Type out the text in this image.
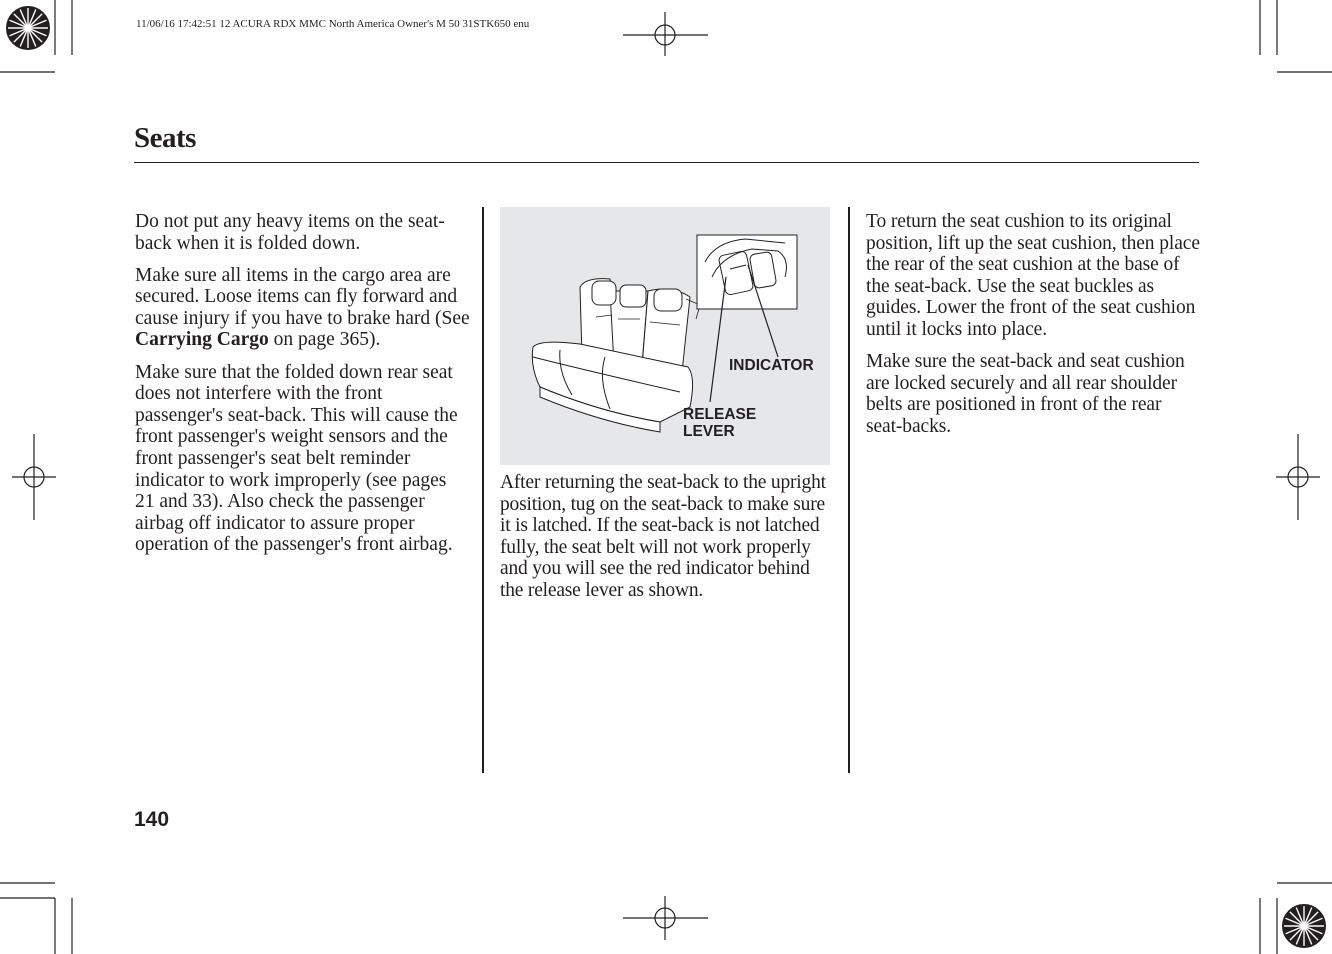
11/06/16 17:42:51 12 ACURA RDX MMC North America Owner's M 50 31STK650 enu
Seats

Do not put any heavy items on the seat-back when it is folded down.

Make sure all items in the cargo area are secured. Loose items can fly forward and cause injury if you have to brake hard (See Carrying Cargo on page 365).

Make sure that the folded down rear seat does not interfere with the front passenger's seat-back. This will cause the front passenger's weight sensors and the front passenger's seat belt reminder indicator to work improperly (see pages 21 and 33). Also check the passenger airbag off indicator to assure proper operation of the passenger's front airbag.

INDICATOR
RELEASE
LEVER

After returning the seat-back to the upright position, tug on the seat-back to make sure it is latched. If the seat-back is not latched fully, the seat belt will not work properly and you will see the red indicator behind the release lever as shown.

To return the seat cushion to its original position, lift up the seat cushion, then place the rear of the seat cushion at the base of the seat-back. Use the seat buckles as guides. Lower the front of the seat cushion until it locks into place.

Make sure the seat-back and seat cushion are locked securely and all rear shoulder belts are positioned in front of the rear seat-backs.

140
